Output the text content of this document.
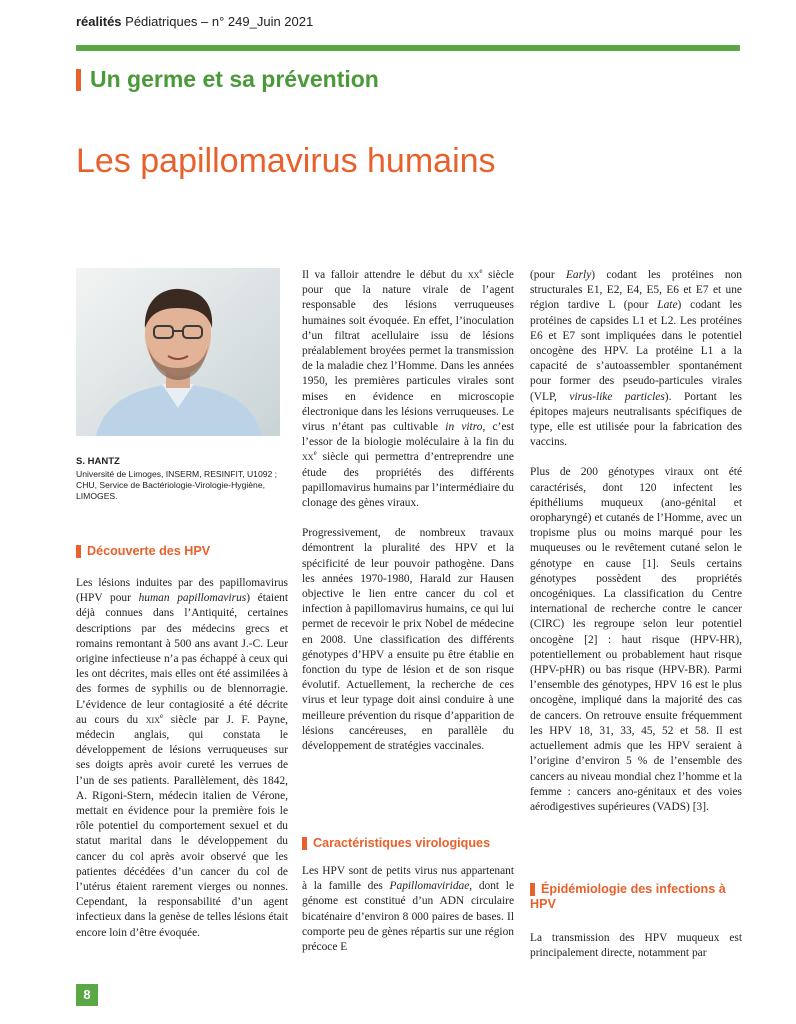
réalités Pédiatriques – n° 249_Juin 2021
Un germe et sa prévention
Les papillomavirus humains
S. HANTZ
Université de Limoges, INSERM, RESINFIT, U1092 ;
CHU, Service de Bactériologie-Virologie-Hygiène, LIMOGES.
Découverte des HPV

Les lésions induites par des papillomavirus (HPV pour human papillomavirus) étaient déjà connues dans l’Antiquité, certaines descriptions par des médecins grecs et romains remontant à 500 ans avant J.-C. Leur origine infectieuse n’a pas échappé à ceux qui les ont décrites, mais elles ont été assimilées à des formes de syphilis ou de blennorragie. L’évidence de leur contagiosité a été décrite au cours du xix$^e$ siècle par J. F. Payne, médecin anglais, qui constata le développement de lésions verruqueuses sur ses doigts après avoir cureté les verrues de l’un de ses patients. Parallèlement, dès 1842, A. Rigoni-Stern, médecin italien de Vérone, mettait en évidence pour la première fois le rôle potentiel du comportement sexuel et du statut marital dans le développement du cancer du col après avoir observé que les patientes décédées d’un cancer du col de l’utérus étaient rarement vierges ou nonnes. Cependant, la responsabilité d’un agent infectieux dans la genèse de telles lésions était encore loin d’être évoquée.

Il va falloir attendre le début du $xx^e$ siècle pour que la nature virale de l’agent responsable des lésions verruqueuses humaines soit évoquée. En effet, l’inoculation d’un filtrat acellulaire issu de lésions préalablement broyées permet la transmission de la maladie chez l’Homme. Dans les années 1950, les premières particules virales sont mises en évidence en microscopie électronique dans les lésions verruqueuses. Le virus n’étant pas cultivable in vitro, c’est l’essor de la biologie moléculaire à la fin du $xx^e$ siècle qui permettra d’entreprendre une étude des propriétés des différents papillomavirus humains par l’intermédiaire du clonage des gènes viraux.

Progressivement, de nombreux travaux démontrent la pluralité des HPV et la spécificité de leur pouvoir pathogène. Dans les années 1970-1980, Harald zur Hausen objective le lien entre cancer du col et infection à papillomavirus humains, ce qui lui permet de recevoir le prix Nobel de médecine en 2008. Une classification des différents génotypes d’HPV a ensuite pu être établie en fonction du type de lésion et de son risque évolutif. Actuellement, la recherche de ces virus et leur typage doit ainsi conduire à une meilleure prévention du risque d’apparition de lésions cancéreuses, en parallèle du développement de stratégies vaccinales.

Caractéristiques virologiques

Les HPV sont de petits virus nus appartenant à la famille des Papillomaviridae, dont le génome est constitué d’un ADN circulaire bicaténaire d’environ 8 000 paires de bases. Il comporte peu de gènes répartis sur une région précoce E

(pour Early) codant les protéines non structurales E1, E2, E4, E5, E6 et E7 et une région tardive L (pour Late) codant les protéines de capsides L1 et L2. Les protéines E6 et E7 sont impliquées dans le potentiel oncogène des HPV. La protéine L1 a la capacité de s’autoassembler spontanément pour former des pseudo-particules virales (VLP, virus-like particles). Portant les épitopes majeurs neutralisants spécifiques de type, elle est utilisée pour la fabrication des vaccins.

Plus de 200 génotypes viraux ont été caractérisés, dont 120 infectent les épithéliums muqueux (ano-génital et oropharyngé) et cutanés de l’Homme, avec un tropisme plus ou moins marqué pour les muqueuses ou le revêtement cutané selon le génotype en cause [1]. Seuls certains génotypes possèdent des propriétés oncogéniques. La classification du Centre international de recherche contre le cancer (CIRC) les regroupe selon leur potentiel oncogène [2] : haut risque (HPV-HR), potentiellement ou probablement haut risque (HPV-pHR) ou bas risque (HPV-BR). Parmi l’ensemble des génotypes, HPV 16 est le plus oncogène, impliqué dans la majorité des cas de cancers. On retrouve ensuite fréquemment les HPV 18, 31, 33, 45, 52 et 58. Il est actuellement admis que les HPV seraient à l’origine d’environ 5 % de l’ensemble des cancers au niveau mondial chez l’homme et la femme : cancers ano-génitaux et des voies aérodigestives supérieures (VADS) [3].

Épidémiologie des infections à HPV

La transmission des HPV muqueux est principalement directe, notamment par

8
